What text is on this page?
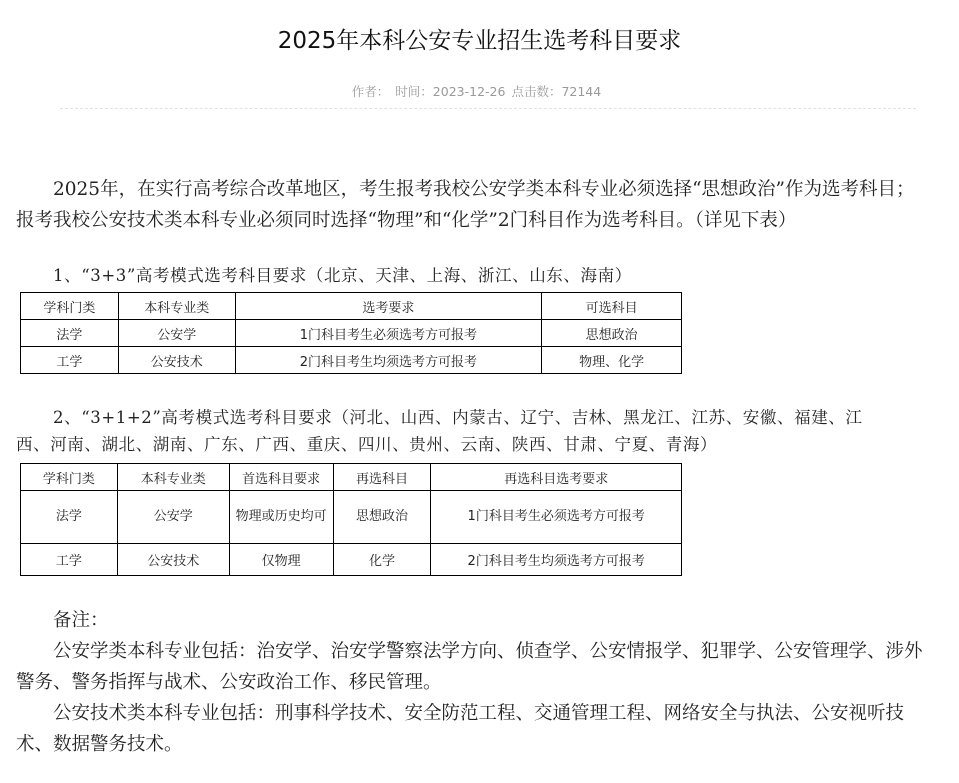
2025年本科公安专业招生选考科目要求
作者： 时间：2023-12-26 点击数：72144
2025年，在实行高考综合改革地区，考生报考我校公安学类本科专业必须选择“思想政治”作为选考科目；
报考我校公安技术类本科专业必须同时选择“物理”和“化学”2门科目作为选考科目。（详见下表）
1、“3+3”高考模式选考科目要求（北京、天津、上海、浙江、山东、海南）
学科门类	本科专业类	选考要求	可选科目
法学	公安学	1门科目考生必须选考方可报考	思想政治
工学	公安技术	2门科目考生均须选考方可报考	物理、化学
2、“3+1+2”高考模式选考科目要求（河北、山西、内蒙古、辽宁、吉林、黑龙江、江苏、安徽、福建、江
西、河南、湖北、湖南、广东、广西、重庆、四川、贵州、云南、陕西、甘肃、宁夏、青海）
学科门类	本科专业类	首选科目要求	再选科目	再选科目选考要求
法学	公安学	物理或历史均可	思想政治	1门科目考生必须选考方可报考
工学	公安技术	仅物理	化学	2门科目考生均须选考方可报考
备注：
公安学类本科专业包括：治安学、治安学警察法学方向、侦查学、公安情报学、犯罪学、公安管理学、涉外
警务、警务指挥与战术、公安政治工作、移民管理。
公安技术类本科专业包括：刑事科学技术、安全防范工程、交通管理工程、网络安全与执法、公安视听技
术、数据警务技术。
